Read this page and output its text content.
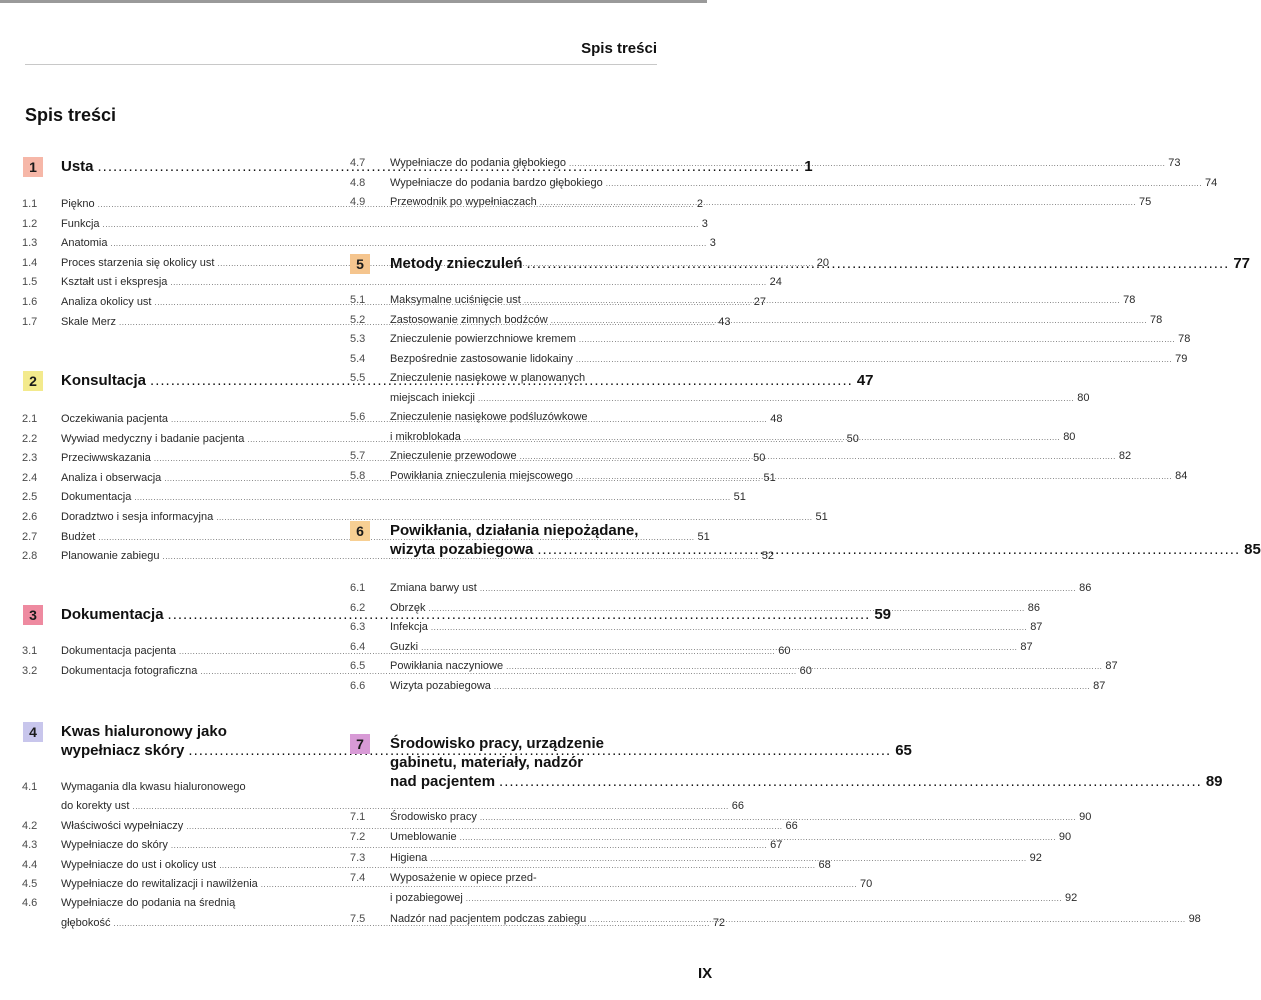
Spis treści
Spis treści
1	Usta .....	1
1.1 Piękno .....	2
1.2 Funkcja .....	3
1.3 Anatomia .....	3
1.4 Proces starzenia się okolicy ust .....	20
1.5 Kształt ust i ekspresja .....	24
1.6 Analiza okolicy ust .....	27
1.7 Skale Merz .....	43
2	Konsultacja .....	47
2.1 Oczekiwania pacjenta .....	48
2.2 Wywiad medyczny i badanie pacjenta .....	50
2.3 Przeciwwskazania .....	50
2.4 Analiza i obserwacja .....	51
2.5 Dokumentacja .....	51
2.6 Doradztwo i sesja informacyjna .....	51
2.7 Budżet .....	51
2.8 Planowanie zabiegu .....	52
3	Dokumentacja .....	59
3.1 Dokumentacja pacjenta .....	60
3.2 Dokumentacja fotograficzna .....	60
4	Kwas hialuronowy jako
wypełniacz skóry .....	65
4.1 Wymagania dla kwasu hialuronowego
do korekty ust .....	66
4.2 Właściwości wypełniaczy .....	66
4.3 Wypełniacze do skóry .....	67
4.4 Wypełniacze do ust i okolicy ust .....	68
4.5 Wypełniacze do rewitalizacji i nawilżenia .....	70
4.6 Wypełniacze do podania na średnią
głębokość .....	72
4.7 Wypełniacze do podania głębokiego .....	73
4.8 Wypełniacze do podania bardzo głębokiego .....	74
4.9 Przewodnik po wypełniaczach .....	75
5	Metody znieczuleń .....	77
5.1 Maksymalne uciśnięcie ust .....	78
5.2 Zastosowanie zimnych bodźców .....	78
5.3 Znieczulenie powierzchniowe kremem .....	78
5.4 Bezpośrednie zastosowanie lidokainy .....	79
5.5 Znieczulenie nasiękowe w planowanych
miejscach iniekcji .....	80
5.6 Znieczulenie nasiękowe podśluzówkowe
i mikroblokada .....	80
5.7 Znieczulenie przewodowe .....	82
5.8 Powikłania znieczulenia miejscowego .....	84
6	Powikłania, działania niepożądane,
wizyta pozabiegowa .....	85
6.1 Zmiana barwy ust .....	86
6.2 Obrzęk .....	86
6.3 Infekcja .....	87
6.4 Guzki .....	87
6.5 Powikłania naczyniowe .....	87
6.6 Wizyta pozabiegowa .....	87
7	Środowisko pracy, urządzenie
gabinetu, materiały, nadzór
nad pacjentem .....	89
7.1 Środowisko pracy .....	90
7.2 Umeblowanie .....	90
7.3 Higiena .....	92
7.4 Wyposażenie w opiece przed-
i pozabiegowej .....	92
7.5 Nadzór nad pacjentem podczas zabiegu .....	98
IX
